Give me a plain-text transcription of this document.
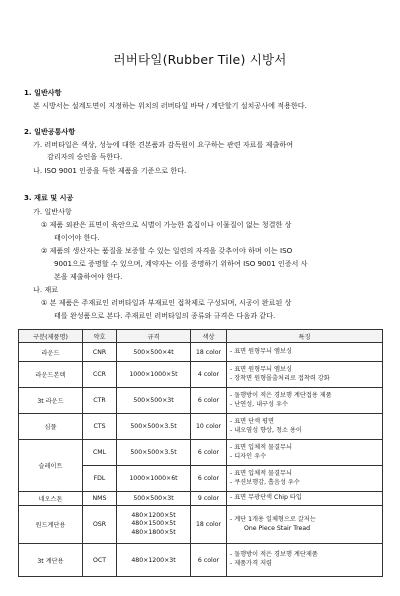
러버타일(Rubber Tile) 시방서
1. 일반사항
본 시방서는 설계도면이 지정하는 위치의 러버타일 바닥 / 계단할기 설치공사에 적용한다.
2. 일반공통사항
가. 러버타일은 색상, 성능에 대한 견본품과 감독원이 요구하는 관련 자료를 제출하여
감리자의 승인을 득한다.
나. ISO 9001 인증을 득한 제품을 기준으로 한다.
3. 재료 및 시공
가. 일반사항
① 제품 외관은 표면이 육안으로 식별이 가능한 흠집이나 이물질이 없는 청결한 상
태이어야 한다.
② 제품의 생산자는 품질을 보증할 수 있는 일련의 자격을 갖추어야 하며 이는 ISO
9001으로 증명할 수 있으며, 계약자는 이를 증명하기 위하여 ISO 9001 인증서 사
본을 제출하여야 한다.
나. 재료
① 본 제품은 주재료인 러버타일과 부재료인 접착제로 구성되며, 시공이 완료된 상
태를 완성품으로 본다. 주재료인 러버타일의 종류와 규격은 다음과 같다.
구분(제품명)	약호	규격	색상	특징
라운드	CNR	500×500×4t	18 color	- 표면 원형무늬 엠보싱

라운드본텍	CCR	1000×1000×5t	4 color	- 표면 원형무늬 엠보싱
- 장착면 원형몰출처리로 접착력 강화

3t 라운드	CTR	500×500×3t	6 color	- 돌행방이 적은 경보행 계단접용 제품
- 난연성, 내구성 우수

심플	CTS	500×500×3.5t	10 color	- 표면 단색 평면
- 내오염성 향상, 청소 용이

슬레이트	CML	500×500×3.5t	6 color	- 표면 입체적 물결무늬
- 디자인 우수

	FDL	1000×1000×6t	6 color	- 표면 입체적 물결무늬
- 쿠션보행감, 흡음성 우수

네오스톤	NMS	500×500×3t	9 color	- 표면 무광단색 Chip 타입

원드계단용	OSR	480×1200×5t
480×1500×5t
480×1800×5t	18 color	- 계단 1개용 일체형으로 갈저는
One Piece Stair Tread

3t 계단용	OCT	480×1200×3t	6 color	- 돌행방이 적은 경보행 계단제품
- 제품가격 저렴
